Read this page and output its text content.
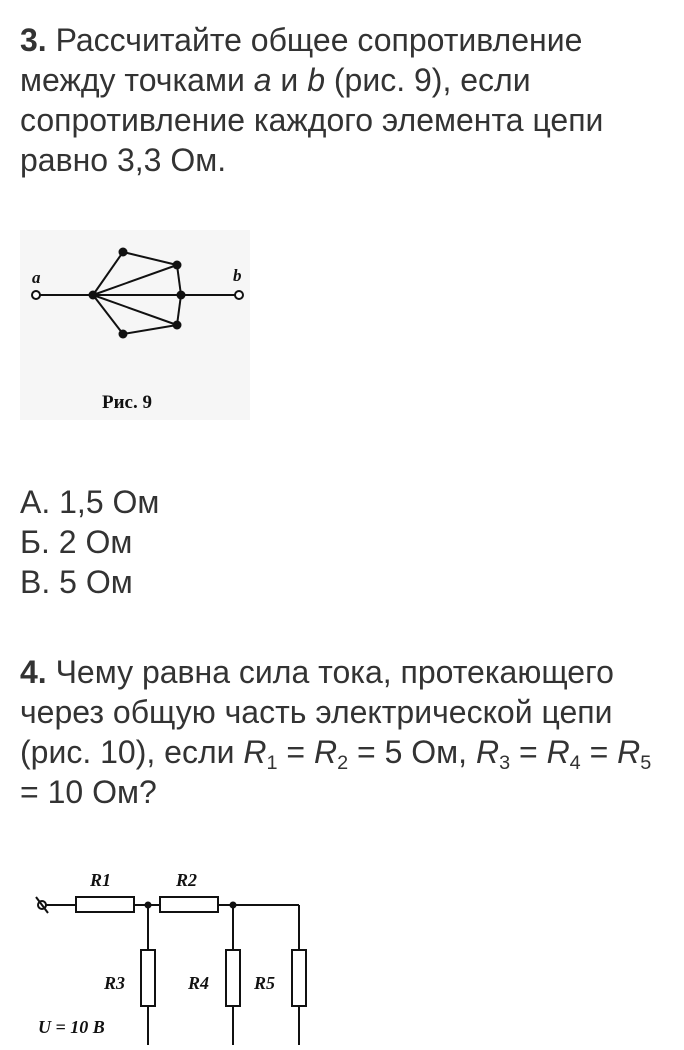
3. Рассчитайте общее сопротивление между точками a и b (рис. 9), если сопротивление каждого элемента цепи равно 3,3 Ом.
a	b
Рис. 9
А. 1,5 Ом
Б. 2 Ом
В. 5 Ом
4. Чему равна сила тока, протекающего через общую часть электрической цепи (рис. 10), если $R_1 = R_2 = 5$ Ом, $R_3 = R_4 = R_5 = 10$ Ом?
R1	R2
R3	R4 R5
U = 10 В
